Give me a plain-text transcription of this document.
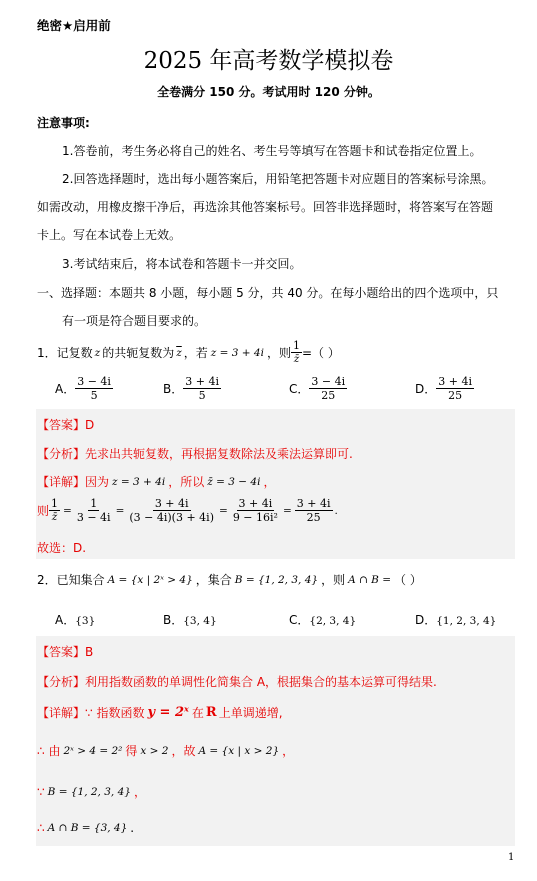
绝密★启用前
2025 年高考数学模拟卷
全卷满分 150 分。考试用时 120 分钟。
注意事项:
1.答卷前，考生务必将自己的姓名、考生号等填写在答题卡和试卷指定位置上。
2.回答选择题时，选出每小题答案后，用铅笔把答题卡对应题目的答案标号涂黑。
如需改动，用橡皮擦干净后，再选涂其他答案标号。回答非选择题时，将答案写在答题
卡上。写在本试卷上无效。
3.考试结束后，将本试卷和答题卡一并交回。
一、选择题：本题共 8 小题，每小题 5 分，共 40 分。在每小题给出的四个选项中，只
有一项是符合题目要求的。
1．记复数 z 的共轭复数为 $\overline{z}$ ，若 z = 3 + 4i ，则 $\frac{1}{z̄}$ =（ ）
A． $\frac{3 - 4i}{5}$	B． $\frac{3 + 4i}{5}$	C． $\frac{3 - 4i}{25}$	D． $\frac{3 + 4i}{25}$
【答案】D
【分析】先求出共轭复数，再根据复数除法及乘法运算即可.
【详解】因为 z = 3 + 4i ，所以 z̄ = 3 − 4i ，
则 $\frac{1}{z̄} = \frac{1}{3 - 4i} = \frac{3 + 4i}{(3 - 4i)(3 + 4i)} = \frac{3 + 4i}{\text{9 − 16i²}} = \frac{3 + 4i}{25}$ .
故选：D.
2．已知集合 A = {x | 2ˣ > 4} ，集合 B = {1, 2, 3, 4} ，则 A ∩ B = （ ）
A．{3}	B．{3, 4}	C．{2, 3, 4}	D．{1, 2, 3, 4}
【答案】B
【分析】利用指数函数的单调性化简集合 A，根据集合的基本运算可得结果.
【详解】∵ 指数函数 y = 2ˣ 在 R 上单调递增,
∴ 由 2ˣ > 4 = 2² 得 x > 2 ，故 A = {x | x > 2} ，
∵ B = {1, 2, 3, 4} ，
∴ A ∩ B = {3, 4} .
1
